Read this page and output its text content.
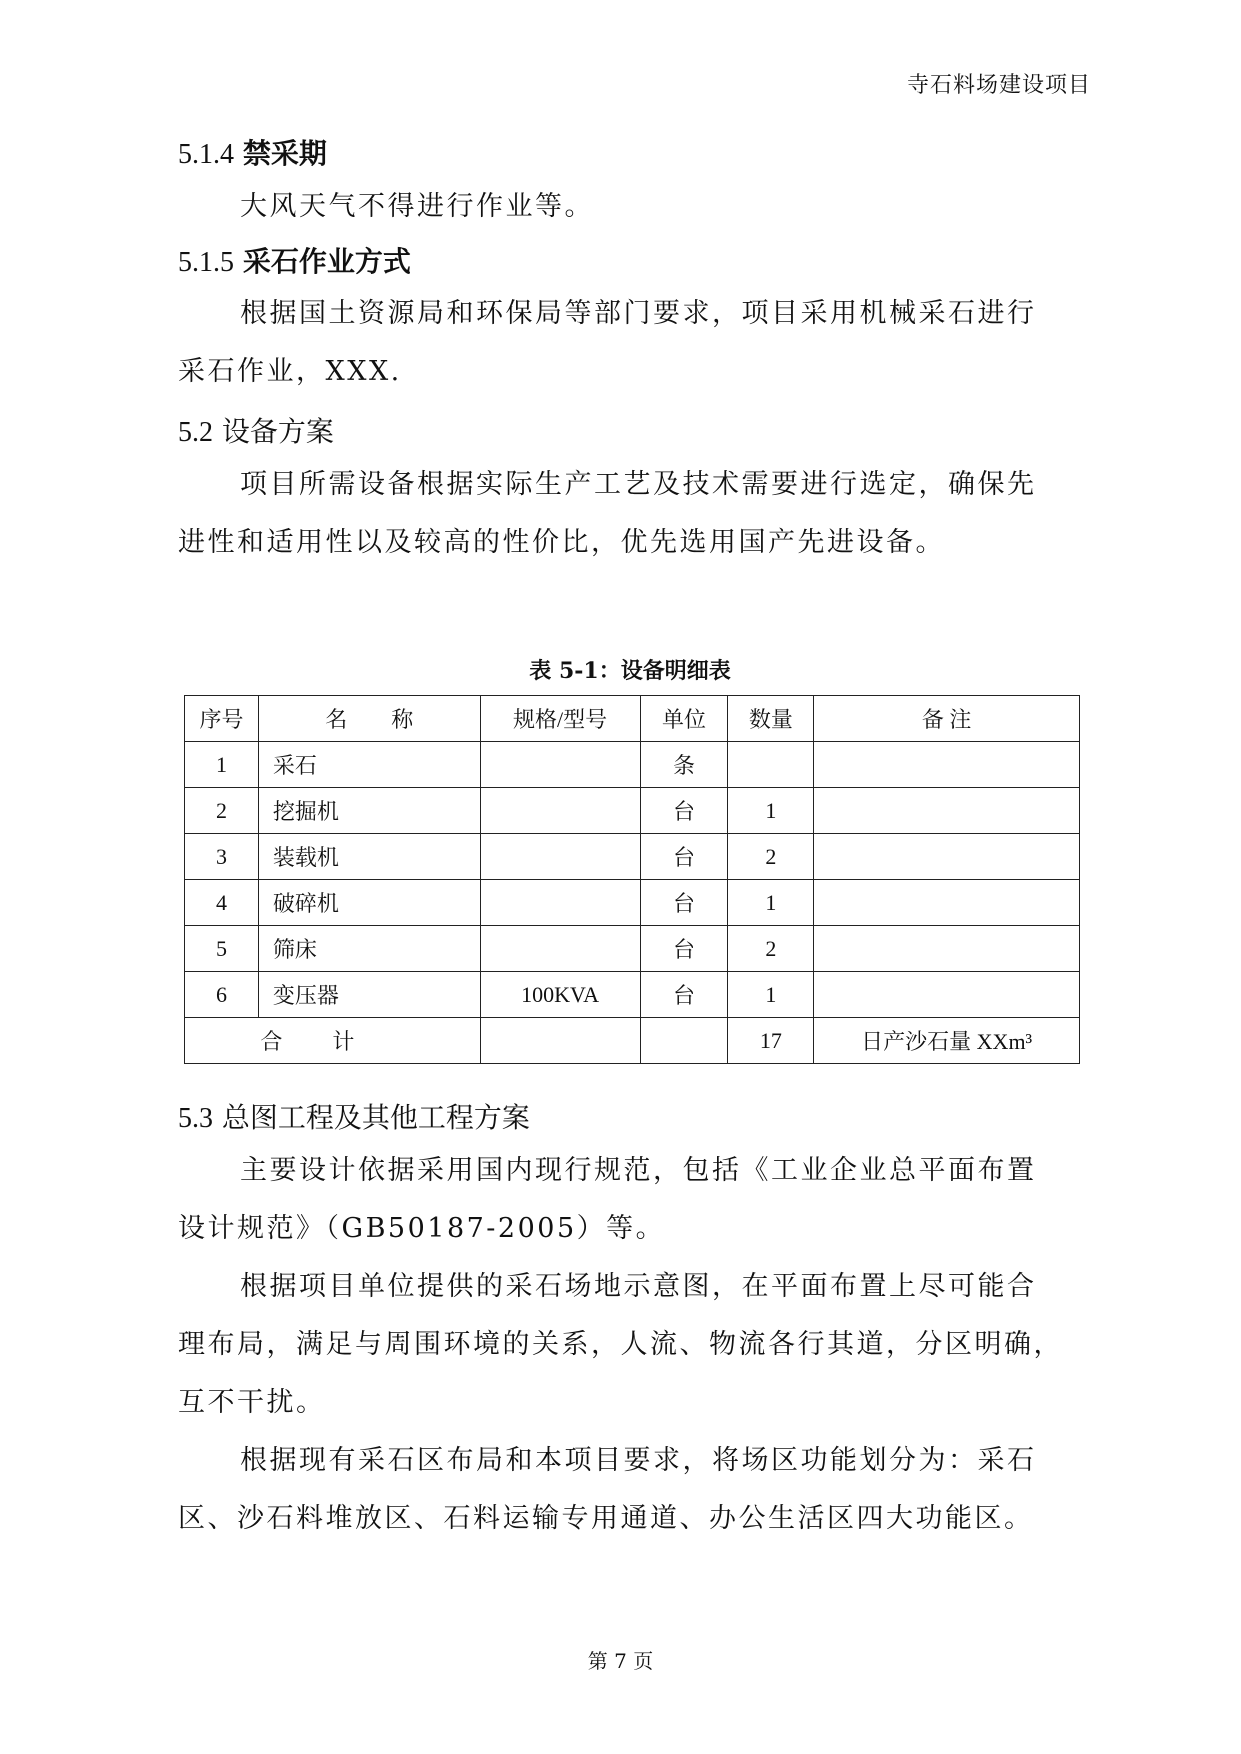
寺石料场建设项目
5.1.4 禁采期
大风天气不得进行作业等。
5.1.5 采石作业方式
根据国土资源局和环保局等部门要求，项目采用机械采石进行
采石作业，XXX.
5.2 设备方案
项目所需设备根据实际生产工艺及技术需要进行选定，确保先
进性和适用性以及较高的性价比，优先选用国产先进设备。
表 5-1：设备明细表
序号	名　　称	规格/型号	单位	数量	备 注
1	采石		条		
2	挖掘机		台	1	
3	装载机		台	2	
4	破碎机		台	1	
5	筛床		台	2	
6	变压器	100KVA	台	1	
合计				17	日产沙石量 XXm³
5.3 总图工程及其他工程方案
主要设计依据采用国内现行规范，包括《工业企业总平面布置
设计规范》（GB50187-2005）等。
根据项目单位提供的采石场地示意图，在平面布置上尽可能合
理布局，满足与周围环境的关系，人流、物流各行其道，分区明确，
互不干扰。
根据现有采石区布局和本项目要求，将场区功能划分为：采石
区、沙石料堆放区、石料运输专用通道、办公生活区四大功能区。
第 7 页
